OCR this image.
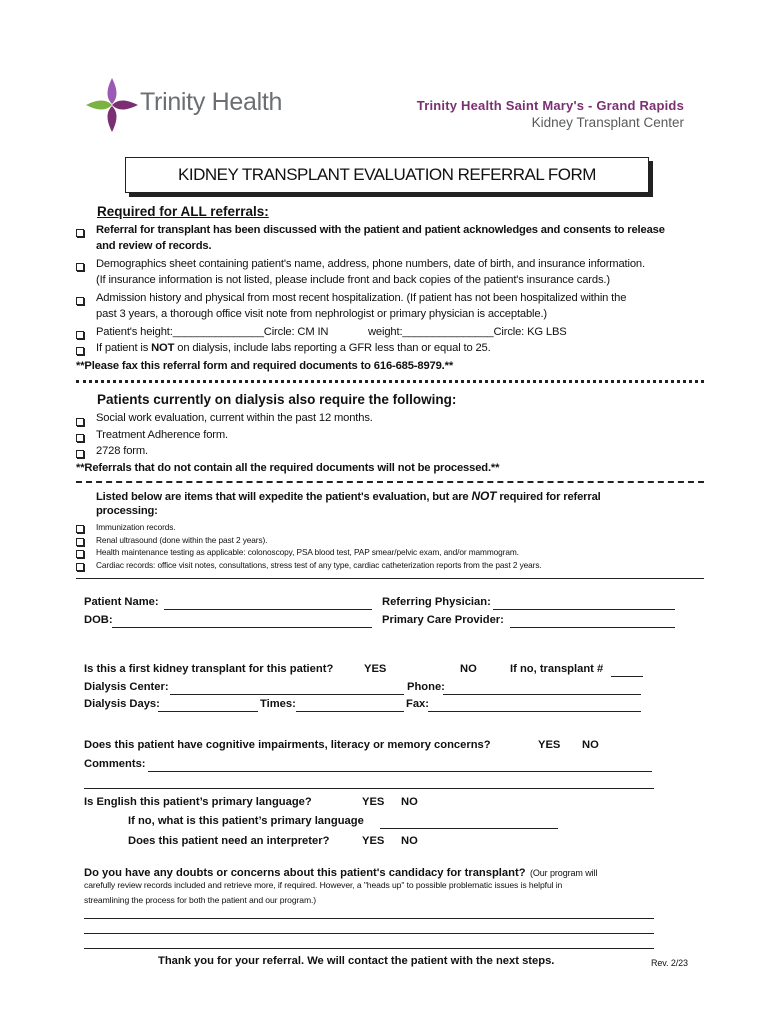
Trinity Health	Trinity Health Saint Mary's - Grand Rapids
Kidney Transplant Center
KIDNEY TRANSPLANT EVALUATION REFERRAL FORM
Required for ALL referrals:
Referral for transplant has been discussed with the patient and patient acknowledges and consents to release
and review of records.
Demographics sheet containing patient's name, address, phone numbers, date of birth, and insurance information.
(If insurance information is not listed, please include front and back copies of the patient's insurance cards.)
Admission history and physical from most recent hospitalization. (If patient has not been hospitalized within the
past 3 years, a thorough office visit note from nephrologist or primary physician is acceptable.)
Patient's height:_______________Circle: CM IN	weight:_______________Circle: KG LBS
If patient is NOT on dialysis, include labs reporting a GFR less than or equal to 25.
**Please fax this referral form and required documents to 616-685-8979.**
Patients currently on dialysis also require the following:
Social work evaluation, current within the past 12 months.
Treatment Adherence form.
2728 form.
**Referrals that do not contain all the required documents will not be processed.**
Listed below are items that will expedite the patient's evaluation, but are NOT required for referral
processing:
Immunization records.
Renal ultrasound (done within the past 2 years).
Health maintenance testing as applicable: colonoscopy, PSA blood test, PAP smear/pelvic exam, and/or mammogram.
Cardiac records: office visit notes, consultations, stress test of any type, cardiac catheterization reports from the past 2 years.
Patient Name:	Referring Physician:
DOB:	Primary Care Provider:
Is this a first kidney transplant for this patient?	YES	NO	If no, transplant #
Dialysis Center:	Phone:
Dialysis Days:	Times:	Fax:
Does this patient have cognitive impairments, literacy or memory concerns?	YES NO
Comments:
Is English this patient’s primary language?	YES NO
If no, what is this patient’s primary language
Does this patient need an interpreter?	YES NO
Do you have any doubts or concerns about this patient's candidacy for transplant? (Our program will
carefully review records included and retrieve more, if required. However, a "heads up" to possible problematic issues is helpful in
streamlining the process for both the patient and our program.)
Thank you for your referral. We will contact the patient with the next steps.	Rev. 2/23
